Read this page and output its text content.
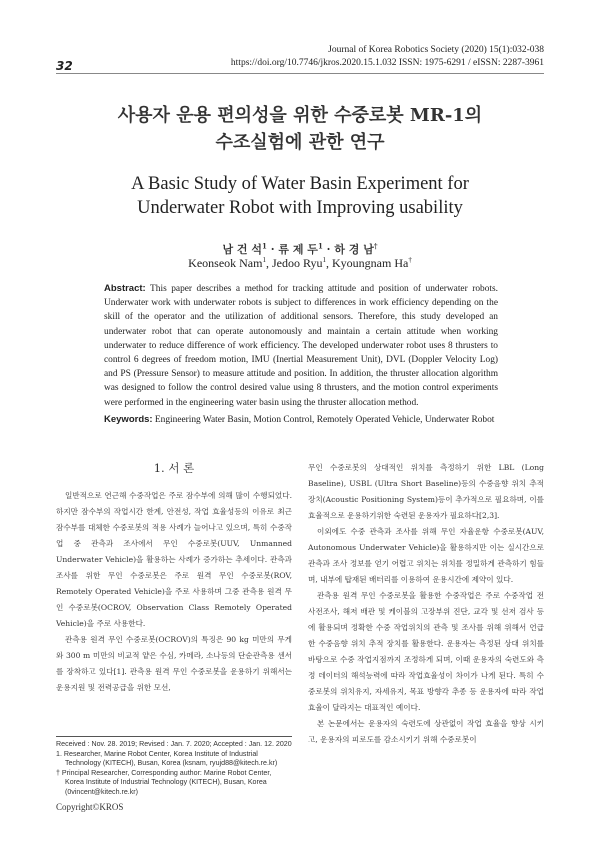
32
Journal of Korea Robotics Society (2020) 15(1):032-038
https://doi.org/10.7746/jkros.2020.15.1.032 ISSN: 1975-6291 / eISSN: 2287-3961
사용자 운용 편의성을 위한 수중로봇 MR-1의
수조실험에 관한 연구
A Basic Study of Water Basin Experiment for
Underwater Robot with Improving usability
남 건 석$^1$ · 류 제 두$^1$ · 하 경 남†
Keonseok Nam$^1$, Jedoo Ryu$^1$, Kyoungnam Ha†
Abstract: This paper describes a method for tracking attitude and position of underwater robots. Underwater work with underwater robots is subject to differences in work efficiency depending on the skill of the operator and the utilization of additional sensors. Therefore, this study developed an underwater robot that can operate autonomously and maintain a certain attitude when working underwater to reduce difference of work efficiency. The developed underwater robot uses 8 thrusters to control 6 degrees of freedom motion, IMU (Inertial Measurement Unit), DVL (Doppler Velocity Log) and PS (Pressure Sensor) to measure attitude and position. In addition, the thruster allocation algorithm was designed to follow the control desired value using 8 thrusters, and the motion control experiments were performed in the engineering water basin using the thruster allocation method.
Keywords: Engineering Water Basin, Motion Control, Remotely Operated Vehicle, Underwater Robot
1. 서 론

일반적으로 연근해 수중작업은 주로 잠수부에 의해 많이 수행되었다. 하지만 잠수부의 작업시간 한계, 안전성, 작업 효율성등의 이유로 최근 잠수부를 대체한 수중로봇의 적용 사례가 늘어나고 있으며, 특히 수중작업 중 관측과 조사에서 무인 수중로봇(UUV, Unmanned Underwater Vehicle)을 활용하는 사례가 증가하는 추세이다. 관측과 조사를 위한 무인 수중로봇은 주로 원격 무인 수중로봇(ROV, Remotely Operated Vehicle)을 주로 사용하며 그중 관측용 원격 무인 수중로봇(OCROV, Observation Class Remotely Operated Vehicle)을 주로 사용한다.

관측용 원격 무인 수중로봇(OCROV)의 특징은 90 kg 미만의 무게와 300 m 미만의 비교적 얕은 수심, 카메라, 소나등의 단순관측용 센서를 장착하고 있다[1]. 관측용 원격 무인 수중로봇을 운용하기 위해서는 운용지원 및 전력공급을 위한 모선,

무인 수중로봇의 상대적인 위치를 측정하기 위한 LBL (Long Baseline), USBL (Ultra Short Baseline)등의 수중음향 위치 추적 장치(Acoustic Positioning System)등이 추가적으로 필요하며, 이를 효율적으로 운용하기위한 숙련된 운용자가 필요하다[2,3].

이외에도 수중 관측과 조사를 위해 무인 자율운항 수중로봇(AUV, Autonomous Underwater Vehicle)을 활용하지만 이는 실시간으로 관측과 조사 정보를 얻기 어렵고 위치는 위치를 정밀하게 관측하기 힘들며, 내부에 탑재된 배터리를 이용하여 운용시간에 제약이 있다.

관측용 원격 무인 수중로봇을 활용한 수중작업은 주로 수중작업 전 사전조사, 해저 배관 및 케이블의 고장부위 진단, 교각 및 선저 검사 등에 활용되며 정확한 수중 작업위치의 관측 및 조사를 위해 위해서 언급한 수중음향 위치 추적 장치를 활용한다. 운용자는 측정된 상대 위치를 바탕으로 수중 작업지점까지 조정하게 되며, 이때 운용자의 숙련도와 측정 데이터의 해석능력에 따라 작업효율성이 차이가 나게 된다. 특히 수중로봇의 위치유지, 자세유지, 목표 방향각 추종 등 운용자에 따라 작업효율이 달라지는 대표적인 예이다.

본 논문에서는 운용자의 숙련도에 상관없이 작업 효율을 향상 시키고, 운용자의 피로도를 감소시키기 위해 수중로봇이

Received : Nov. 28. 2019; Revised : Jan. 7. 2020; Accepted : Jan. 12. 2020
1. Researcher, Marine Robot Center, Korea Institute of Industrial
Technology (KITECH), Busan, Korea (ksnam, ryujd88@kitech.re.kr)
† Principal Researcher, Corresponding author: Marine Robot Center,
Korea Institute of Industrial Technology (KITECH), Busan, Korea
(0vincent@kitech.re.kr)
Copyright©KROS
